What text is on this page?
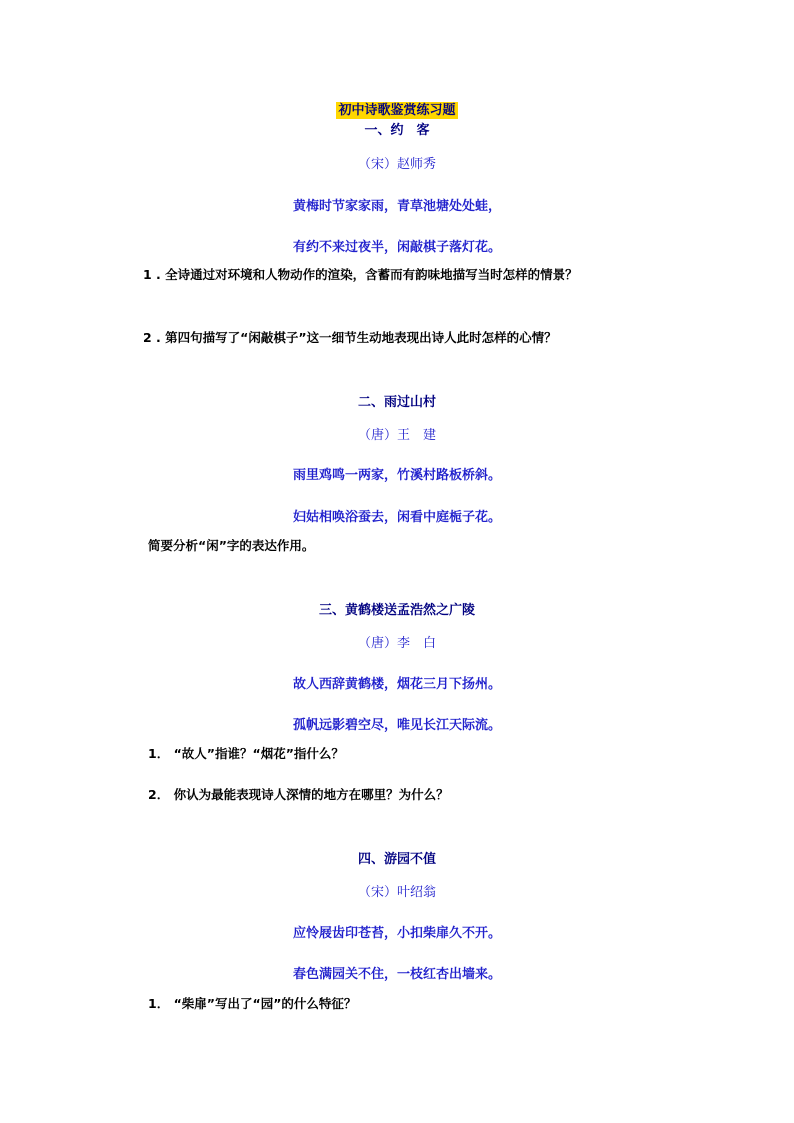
初中诗歌鉴赏练习题
一、约　客
（宋）赵师秀
黄梅时节家家雨，青草池塘处处蛙，
有约不来过夜半，闲敲棋子落灯花。
1 . 全诗通过对环境和人物动作的渲染，含蓄而有韵味地描写当时怎样的情景？
2 . 第四句描写了“闲敲棋子”这一细节生动地表现出诗人此时怎样的心情？
二、雨过山村
（唐）王　建
雨里鸡鸣一两家，竹溪村路板桥斜。
妇姑相唤浴蚕去，闲看中庭栀子花。
简要分析“闲”字的表达作用。
三、黄鹤楼送孟浩然之广陵
（唐）李　白
故人西辞黄鹤楼，烟花三月下扬州。
孤帆远影碧空尽，唯见长江天际流。
1． “故人”指谁？“烟花”指什么？
2． 你认为最能表现诗人深情的地方在哪里？为什么？
四、游园不值
（宋）叶绍翁
应怜屐齿印苍苔，小扣柴扉久不开。
春色满园关不住，一枝红杏出墙来。
1． “柴扉”写出了“园”的什么特征？
